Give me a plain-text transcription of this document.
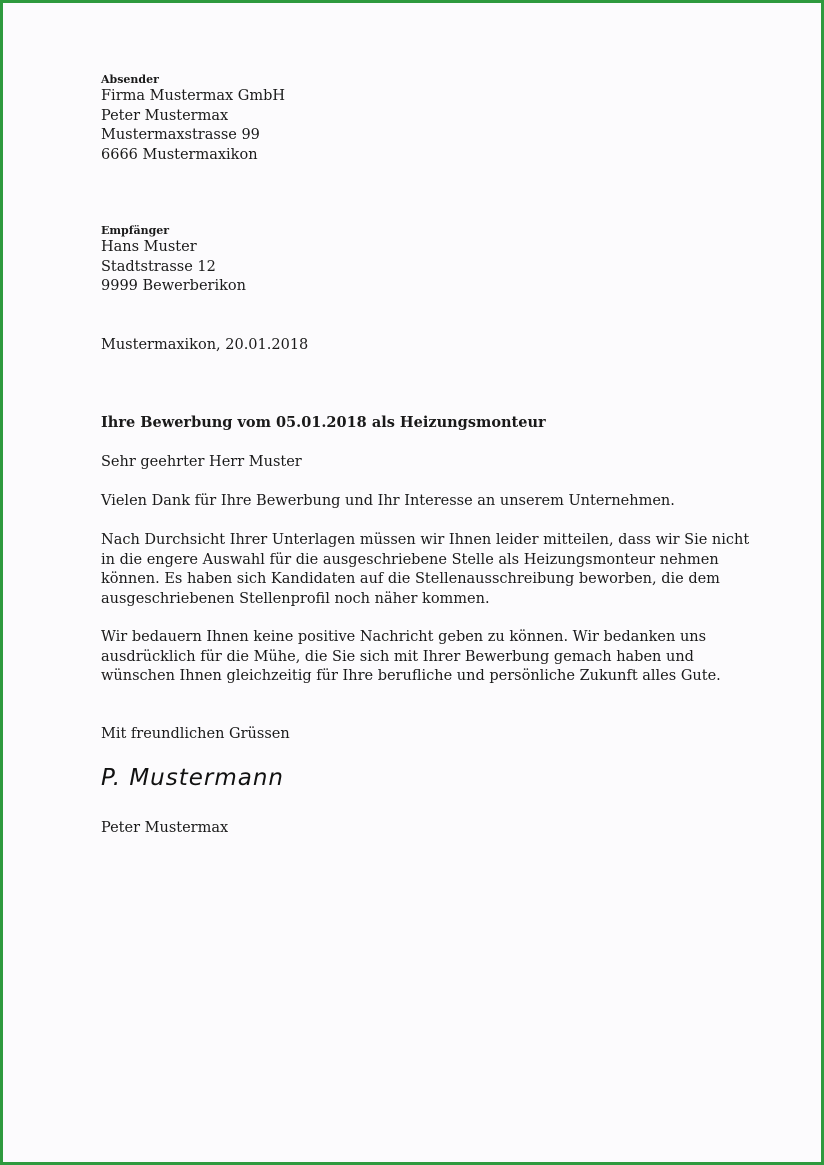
Absender

Firma Mustermax GmbH

Peter Mustermax

Mustermaxstrasse 99

6666 Mustermaxikon

Empfänger

Hans Muster

Stadtstrasse 12

9999 Bewerberikon

Mustermaxikon, 20.01.2018

Ihre Bewerbung vom 05.01.2018 als Heizungsmonteur

Sehr geehrter Herr Muster

Vielen Dank für Ihre Bewerbung und Ihr Interesse an unserem Unternehmen.

Nach Durchsicht Ihrer Unterlagen müssen wir Ihnen leider mitteilen, dass wir Sie nicht

in die engere Auswahl für die ausgeschriebene Stelle als Heizungsmonteur nehmen

können. Es haben sich Kandidaten auf die Stellenausschreibung beworben, die dem

ausgeschriebenen Stellenprofil noch näher kommen.

Wir bedauern Ihnen keine positive Nachricht geben zu können. Wir bedanken uns

ausdrücklich für die Mühe, die Sie sich mit Ihrer Bewerbung gemach haben und

wünschen Ihnen gleichzeitig für Ihre berufliche und persönliche Zukunft alles Gute.

Mit freundlichen Grüssen

P. Mustermann

Peter Mustermax
